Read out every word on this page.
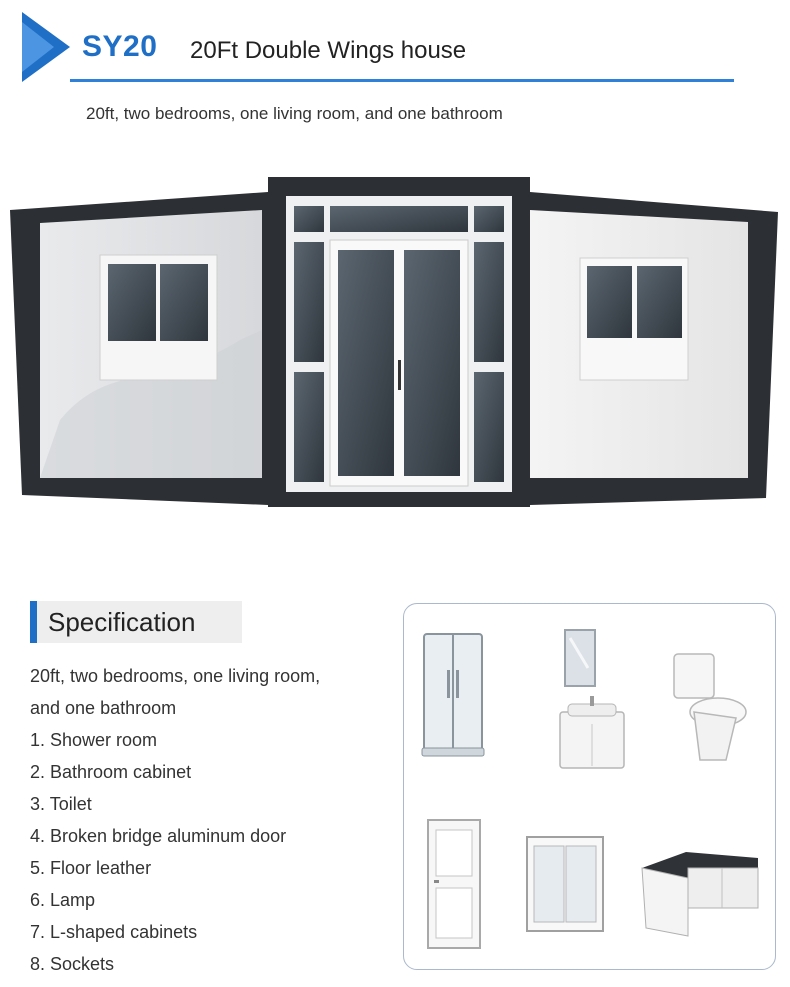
SY20 20Ft Double Wings house
20ft, two bedrooms, one living room, and one bathroom
Specification

20ft, two bedrooms, one living room,

and one bathroom

1. Shower room
2. Bathroom cabinet
3. Toilet
4. Broken bridge aluminum door
5. Floor leather
6. Lamp
7. L-shaped cabinets
8. Sockets
